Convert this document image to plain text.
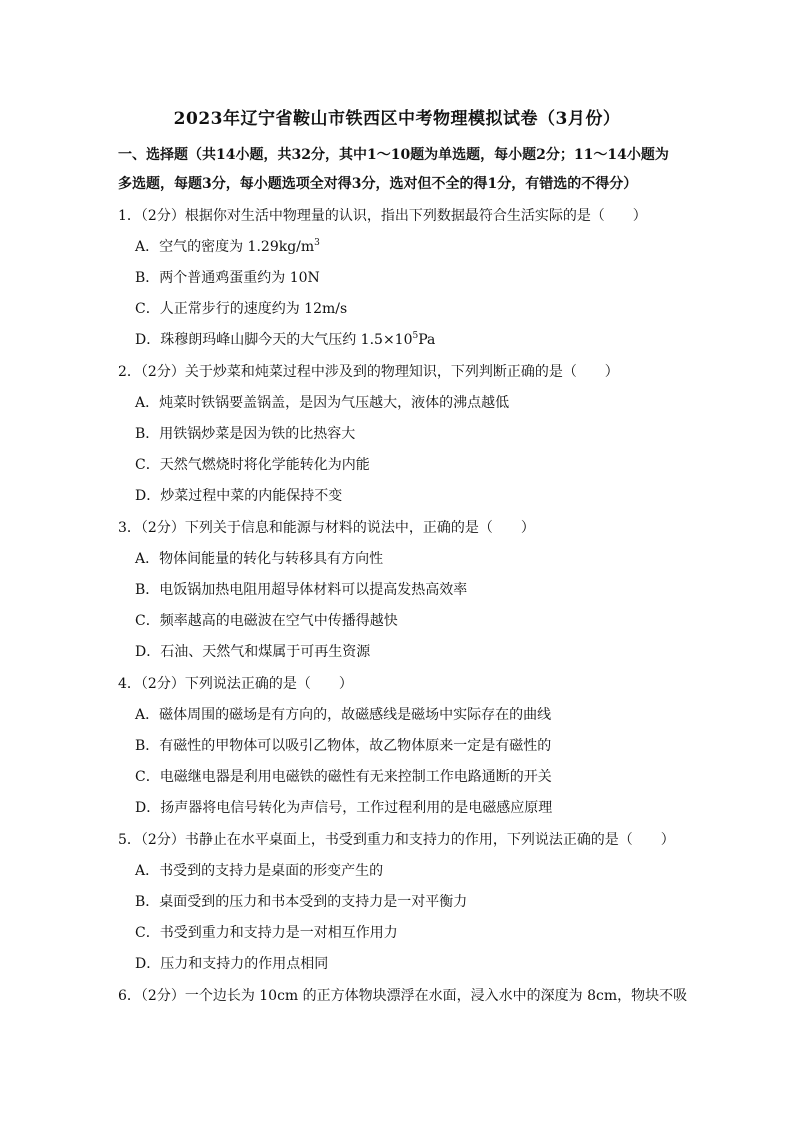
2023年辽宁省鞍山市铁西区中考物理模拟试卷（3月份）
一、选择题（共14小题，共32分，其中1～10题为单选题，每小题2分；11～14小题为
多选题，每题3分，每小题选项全对得3分，选对但不全的得1分，有错选的不得分）
1．（2分）根据你对生活中物理量的认识，指出下列数据最符合生活实际的是（　　）
A．空气的密度为 $1.29kg/m^3$
B．两个普通鸡蛋重约为 10N
C．人正常步行的速度约为 12m/s
D．珠穆朗玛峰山脚今天的大气压约 $1.5\times 10^5Pa$
2．（2分）关于炒菜和炖菜过程中涉及到的物理知识，下列判断正确的是（　　）
A．炖菜时铁锅要盖锅盖，是因为气压越大，液体的沸点越低
B．用铁锅炒菜是因为铁的比热容大
C．天然气燃烧时将化学能转化为内能
D．炒菜过程中菜的内能保持不变
3．（2分）下列关于信息和能源与材料的说法中，正确的是（　　）
A．物体间能量的转化与转移具有方向性
B．电饭锅加热电阻用超导体材料可以提高发热高效率
C．频率越高的电磁波在空气中传播得越快
D．石油、天然气和煤属于可再生资源
4．（2分）下列说法正确的是（　　）
A．磁体周围的磁场是有方向的，故磁感线是磁场中实际存在的曲线
B．有磁性的甲物体可以吸引乙物体，故乙物体原来一定是有磁性的
C．电磁继电器是利用电磁铁的磁性有无来控制工作电路通断的开关
D．扬声器将电信号转化为声信号，工作过程利用的是电磁感应原理
5．（2分）书静止在水平桌面上，书受到重力和支持力的作用，下列说法正确的是（　　）
A．书受到的支持力是桌面的形变产生的
B．桌面受到的压力和书本受到的支持力是一对平衡力
C．书受到重力和支持力是一对相互作用力
D．压力和支持力的作用点相同
6．（2分）一个边长为 10cm 的正方体物块漂浮在水面，浸入水中的深度为 8cm，物块不吸
